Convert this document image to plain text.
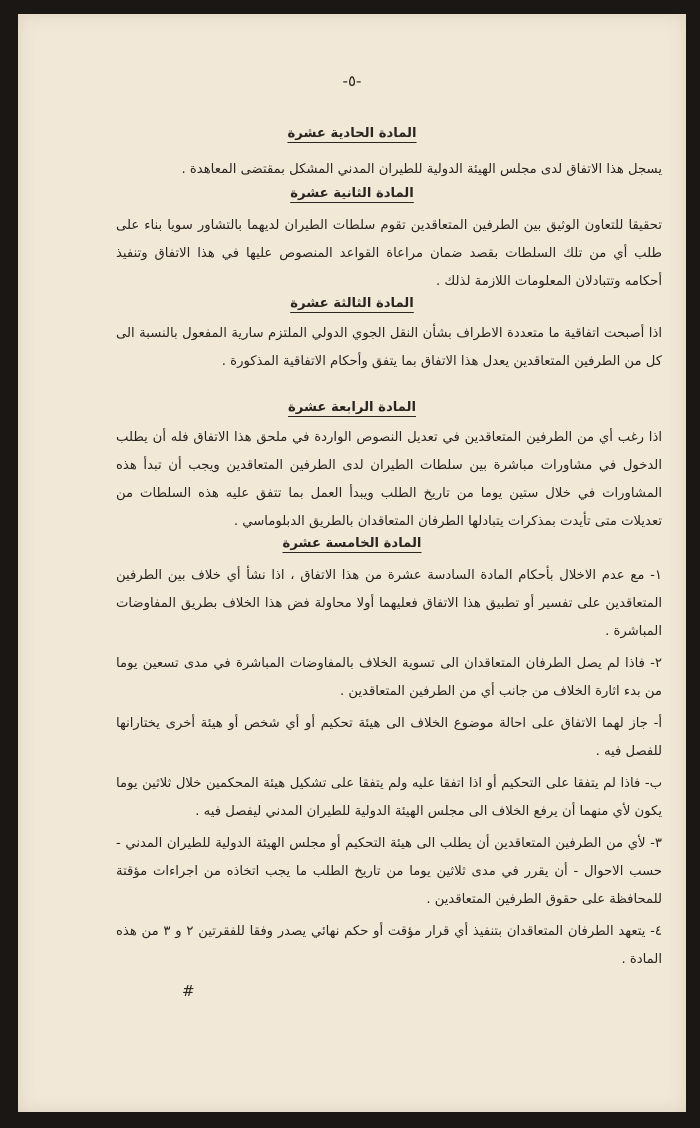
-٥-
المادة الحادية عشرة

يسجل هذا الاتفاق لدى مجلس الهيئة الدولية للطيران المدني المشكل بمقتضى المعاهدة .

المادة الثانية عشرة

تحقيقا للتعاون الوثيق بين الطرفين المتعاقدين تقوم سلطات الطيران لديهما بالتشاور سويا بناء على طلب أي من تلك السلطات بقصد ضمان مراعاة القواعد المنصوص عليها في هذا الاتفاق وتنفيذ أحكامه وتتبادلان المعلومات اللازمة لذلك .

المادة الثالثة عشرة

اذا أصبحت اتفاقية ما متعددة الاطراف بشأن النقل الجوي الدولي الملتزم سارية المفعول بالنسبة الى كل من الطرفين المتعاقدين يعدل هذا الاتفاق بما يتفق وأحكام الاتفاقية المذكورة .

المادة الرابعة عشرة

اذا رغب أي من الطرفين المتعاقدين في تعديل النصوص الواردة في ملحق هذا الاتفاق فله أن يطلب الدخول في مشاورات مباشرة بين سلطات الطيران لدى الطرفين المتعاقدين ويجب أن تبدأ هذه المشاورات في خلال ستين يوما من تاريخ الطلب ويبدأ العمل بما تتفق عليه هذه السلطات من تعديلات متى تأيدت بمذكرات يتبادلها الطرفان المتعاقدان بالطريق الدبلوماسي .

المادة الخامسة عشرة

١- مع عدم الاخلال بأحكام المادة السادسة عشرة من هذا الاتفاق ، اذا نشأ أي خلاف بين الطرفين المتعاقدين على تفسير أو تطبيق هذا الاتفاق فعليهما أولا محاولة فض هذا الخلاف بطريق المفاوضات المباشرة .

٢- فاذا لم يصل الطرفان المتعاقدان الى تسوية الخلاف بالمفاوضات المباشرة في مدى تسعين يوما من بدء اثارة الخلاف من جانب أي من الطرفين المتعاقدين .

أ- جاز لهما الاتفاق على احالة موضوع الخلاف الى هيئة تحكيم أو أي شخص أو هيئة أخرى يختارانها للفصل فيه .

ب- فاذا لم يتفقا على التحكيم أو اذا اتفقا عليه ولم يتفقا على تشكيل هيئة المحكمين خلال ثلاثين يوما يكون لأي منهما أن يرفع الخلاف الى مجلس الهيئة الدولية للطيران المدني ليفصل فيه .

٣- لأي من الطرفين المتعاقدين أن يطلب الى هيئة التحكيم أو مجلس الهيئة الدولية للطيران المدني - حسب الاحوال - أن يقرر في مدى ثلاثين يوما من تاريخ الطلب ما يجب اتخاذه من اجراءات مؤقتة للمحافظة على حقوق الطرفين المتعاقدين .

٤- يتعهد الطرفان المتعاقدان بتنفيذ أي قرار مؤقت أو حكم نهائي يصدر وفقا للفقرتين ٢ و ٣ من هذه المادة .

#
